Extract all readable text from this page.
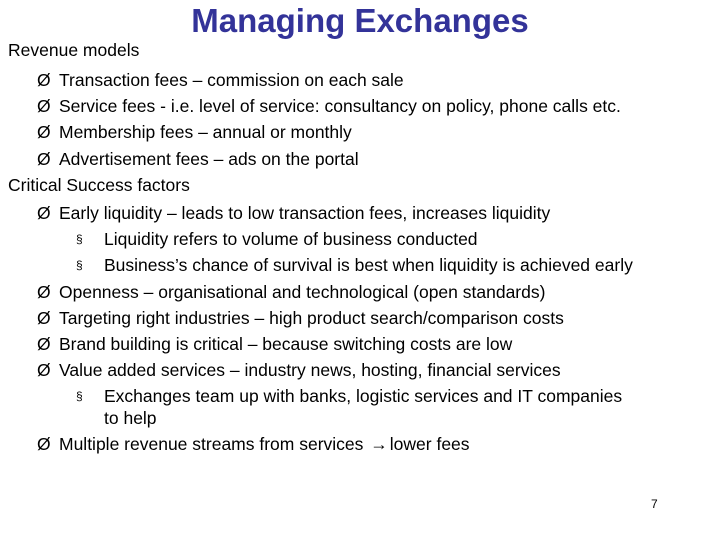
Managing Exchanges
Revenue models
Ø Transaction fees – commission on each sale
Ø Service fees - i.e. level of service: consultancy on policy, phone calls etc.
Ø Membership fees – annual or monthly
Ø Advertisement fees – ads on the portal
Critical Success factors
Ø Early liquidity – leads to low transaction fees, increases liquidity
§ Liquidity refers to volume of business conducted
§ Business’s chance of survival is best when liquidity is achieved early
Ø Openness – organisational and technological (open standards)
Ø Targeting right industries – high product search/comparison costs
Ø Brand building is critical – because switching costs are low
Ø Value added services – industry news, hosting, financial services
§ Exchanges team up with banks, logistic services and IT companies
to help
Ø Multiple revenue streams from services → lower fees
7
